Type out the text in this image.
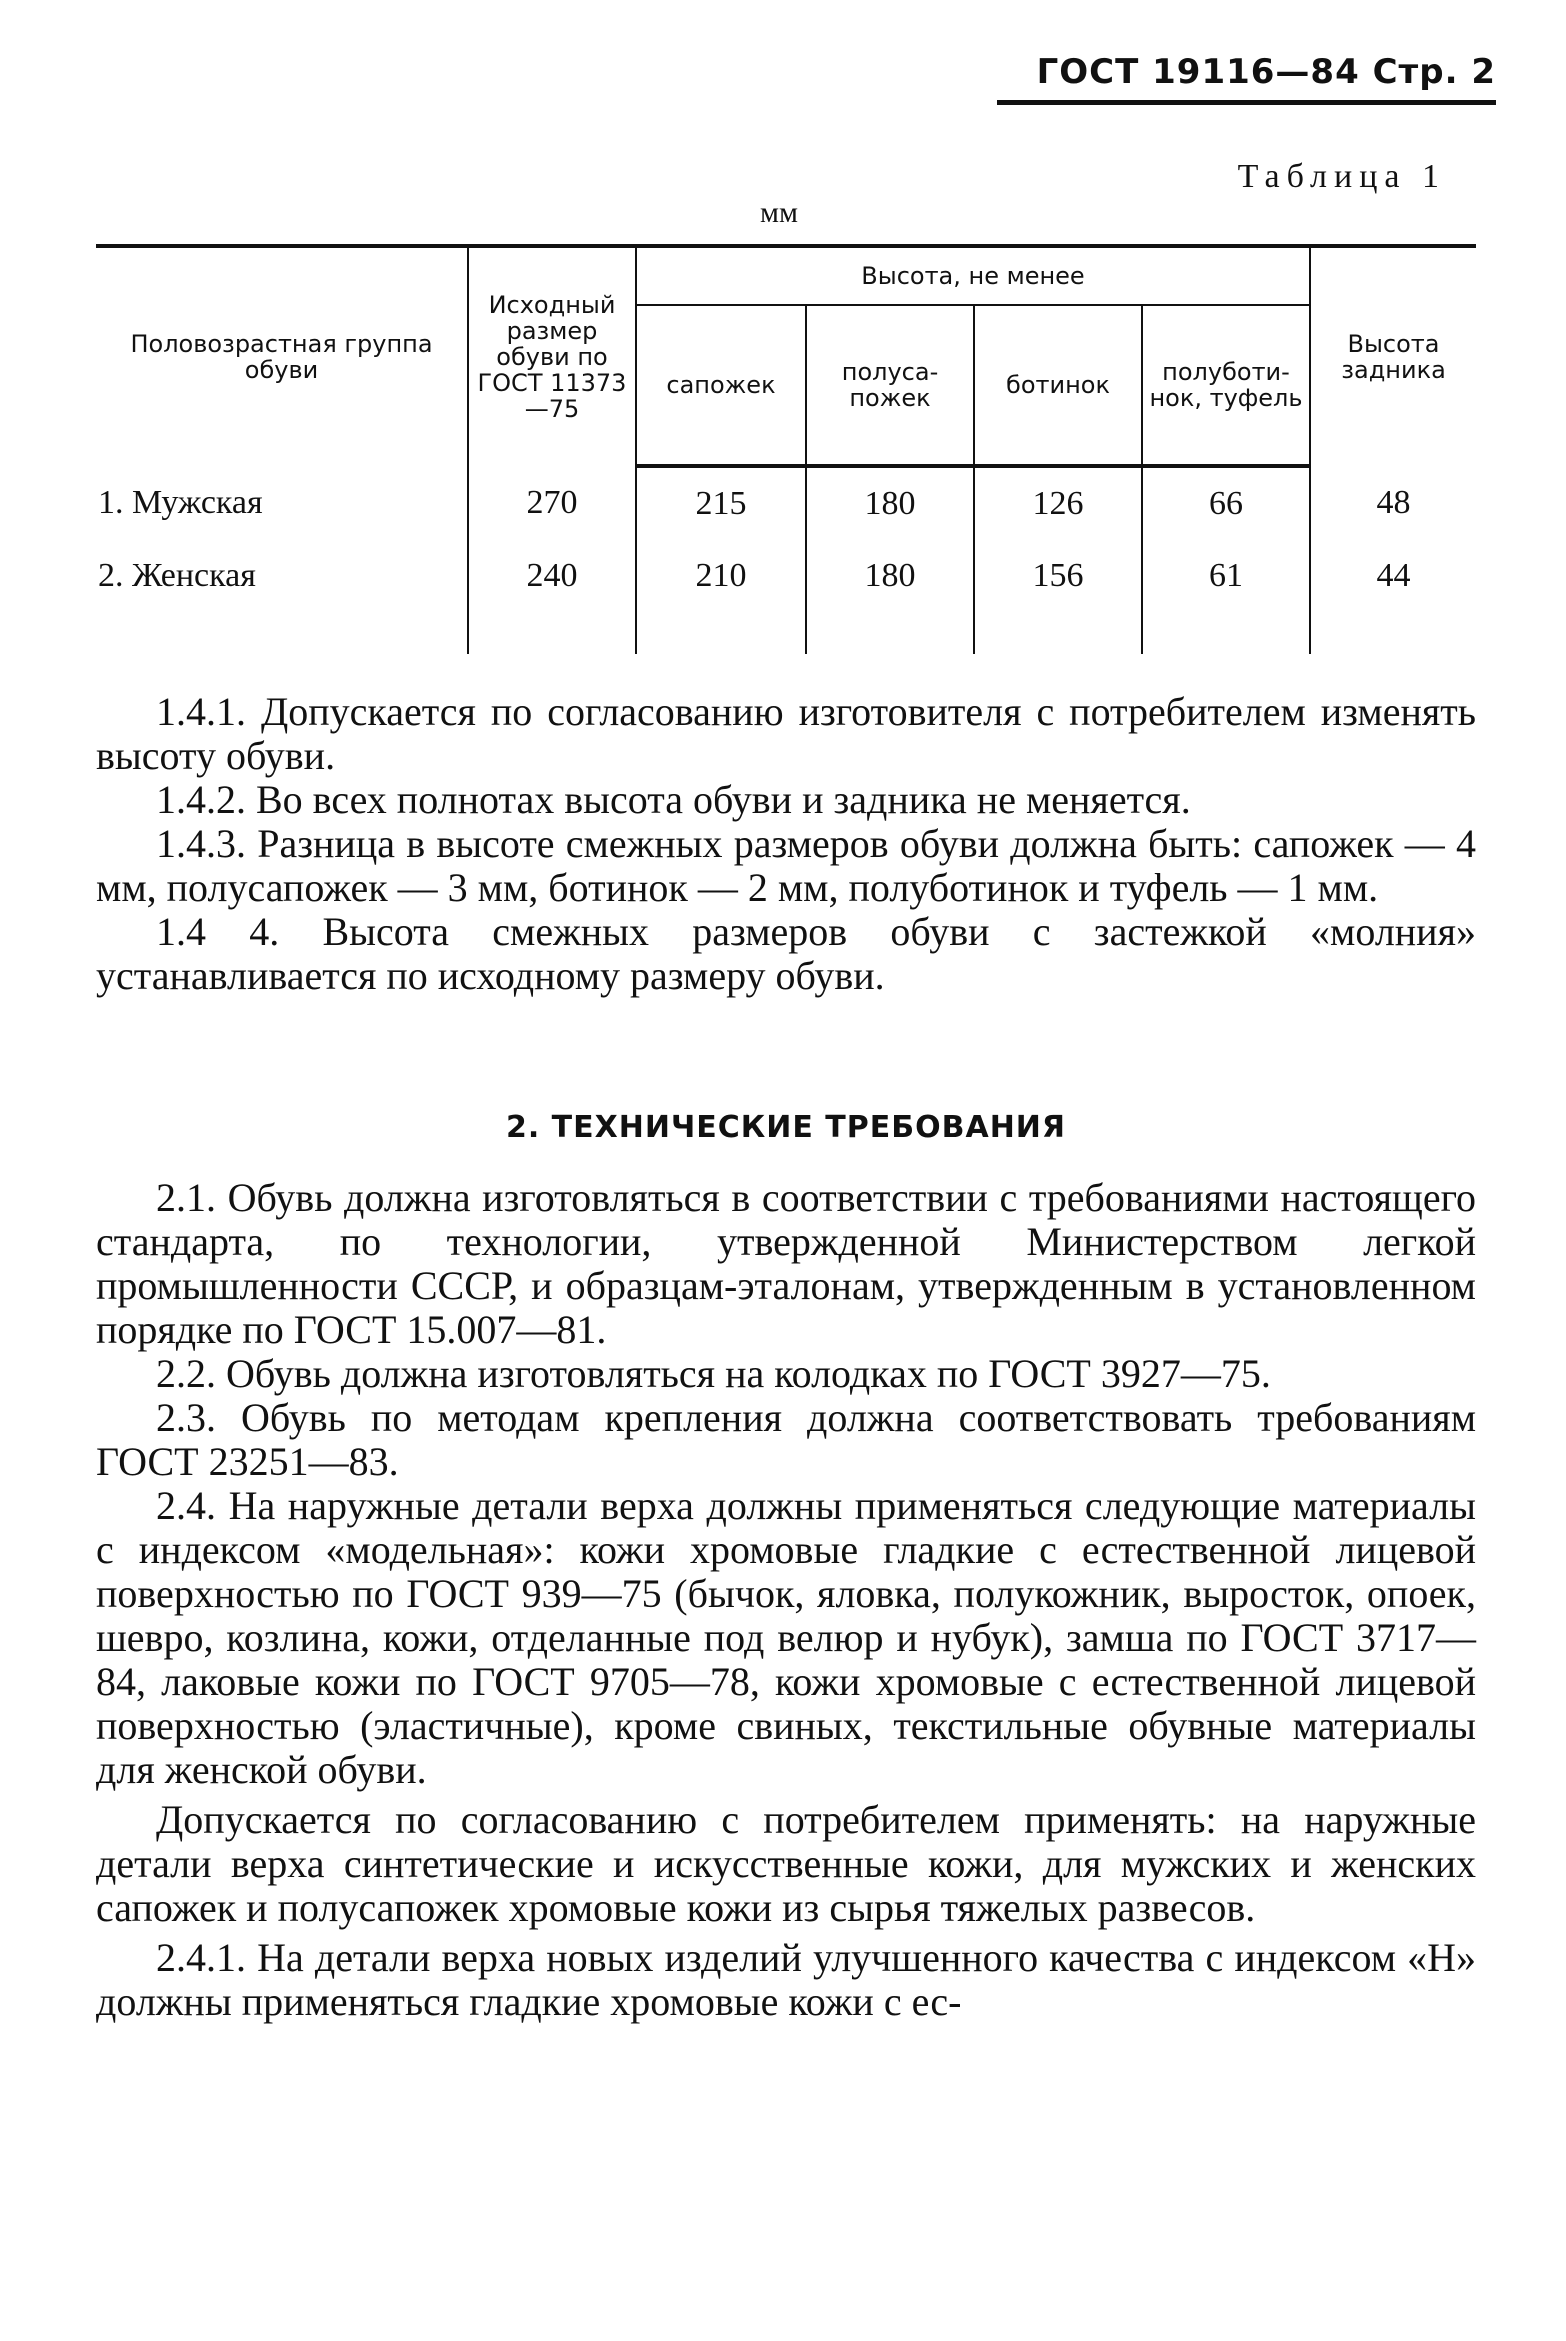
ГОСТ 19116—84 Стр. 2
Таблица 1
мм
Половозрастная группа обуви	Исходный размер обуви по ГОСТ 11373—75	Высота, не менее				Высота задника
		сапожек	полуса-пожек	ботинок	полуботи-нок, туфель	
1. Мужская	270	215	180	126	66	48
2. Женская	240	210	180	156	61	44

1.4.1. Допускается по согласованию изготовителя с потребителем изменять высоту обуви.

1.4.2. Во всех полнотах высота обуви и задника не меняется.

1.4.3. Разница в высоте смежных размеров обуви должна быть: сапожек — 4 мм, полусапожек — 3 мм, ботинок — 2 мм, полуботинок и туфель — 1 мм.

1.4 4. Высота смежных размеров обуви с застежкой «молния» устанавливается по исходному размеру обуви.

2. ТЕХНИЧЕСКИЕ ТРЕБОВАНИЯ

2.1. Обувь должна изготовляться в соответствии с требованиями настоящего стандарта, по технологии, утвержденной Министерством легкой промышленности СССР, и образцам-эталонам, утвержденным в установленном порядке по ГОСТ 15.007—81.

2.2. Обувь должна изготовляться на колодках по ГОСТ 3927—75.

2.3. Обувь по методам крепления должна соответствовать требованиям ГОСТ 23251—83.

2.4. На наружные детали верха должны применяться следующие материалы с индексом «модельная»: кожи хромовые гладкие с естественной лицевой поверхностью по ГОСТ 939—75 (бычок, яловка, полукожник, выросток, опоек, шевро, козлина, кожи, отделанные под велюр и нубук), замша по ГОСТ 3717—84, лаковые кожи по ГОСТ 9705—78, кожи хромовые с естественной лицевой поверхностью (эластичные), кроме свиных, текстильные обувные материалы для женской обуви.

Допускается по согласованию с потребителем применять: на наружные детали верха синтетические и искусственные кожи, для мужских и женских сапожек и полусапожек хромовые кожи из сырья тяжелых развесов.

2.4.1. На детали верха новых изделий улучшенного качества с индексом «Н» должны применяться гладкие хромовые кожи с ес-
